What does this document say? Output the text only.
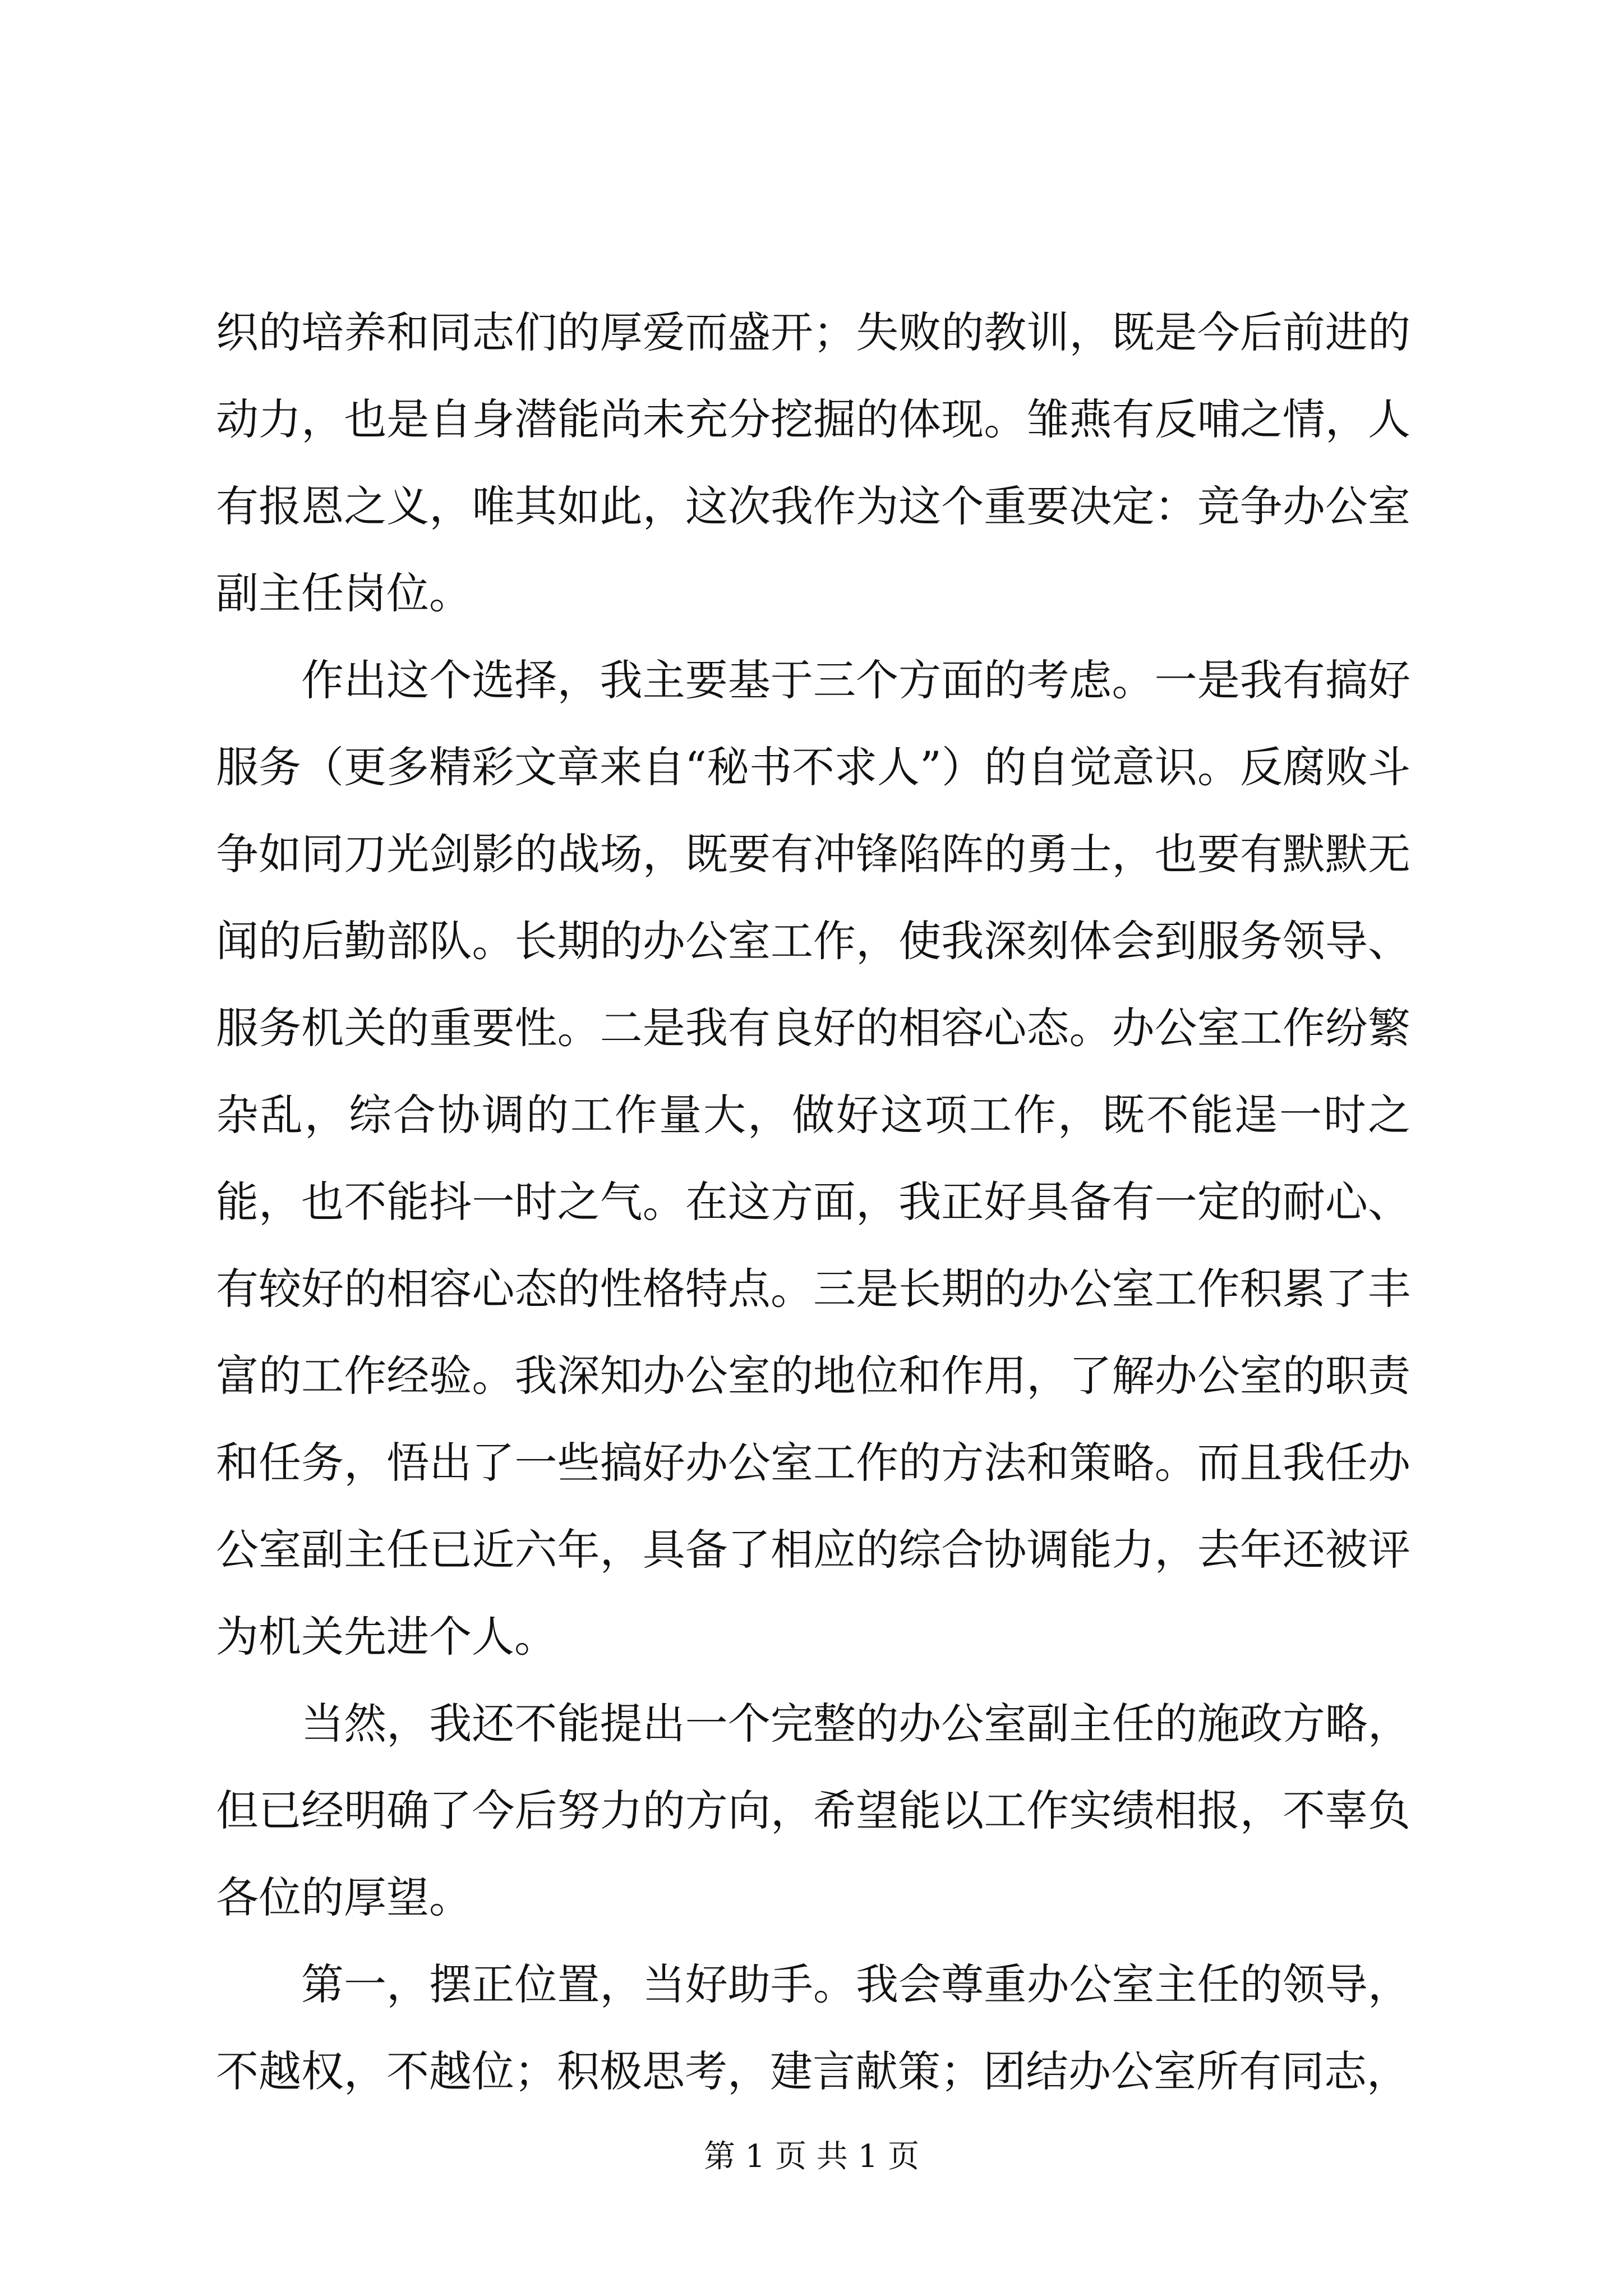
织的培养和同志们的厚爱而盛开；失败的教训，既是今后前进的动力，也是自身潜能尚未充分挖掘的体现。雏燕有反哺之情，人有报恩之义，唯其如此，这次我作为这个重要决定：竞争办公室副主任岗位。

作出这个选择，我主要基于三个方面的考虑。一是我有搞好服务（更多精彩文章来自“秘书不求人”）的自觉意识。反腐败斗争如同刀光剑影的战场，既要有冲锋陷阵的勇士，也要有默默无闻的后勤部队。长期的办公室工作，使我深刻体会到服务领导、服务机关的重要性。二是我有良好的相容心态。办公室工作纷繁杂乱，综合协调的工作量大，做好这项工作，既不能逞一时之能，也不能抖一时之气。在这方面，我正好具备有一定的耐心、有较好的相容心态的性格特点。三是长期的办公室工作积累了丰富的工作经验。我深知办公室的地位和作用，了解办公室的职责和任务，悟出了一些搞好办公室工作的方法和策略。而且我任办公室副主任已近六年，具备了相应的综合协调能力，去年还被评为机关先进个人。

当然，我还不能提出一个完整的办公室副主任的施政方略，但已经明确了今后努力的方向，希望能以工作实绩相报，不辜负各位的厚望。

第一，摆正位置，当好助手。我会尊重办公室主任的领导，不越权，不越位；积极思考，建言献策；团结办公室所有同志，

第 1 页 共 1 页
